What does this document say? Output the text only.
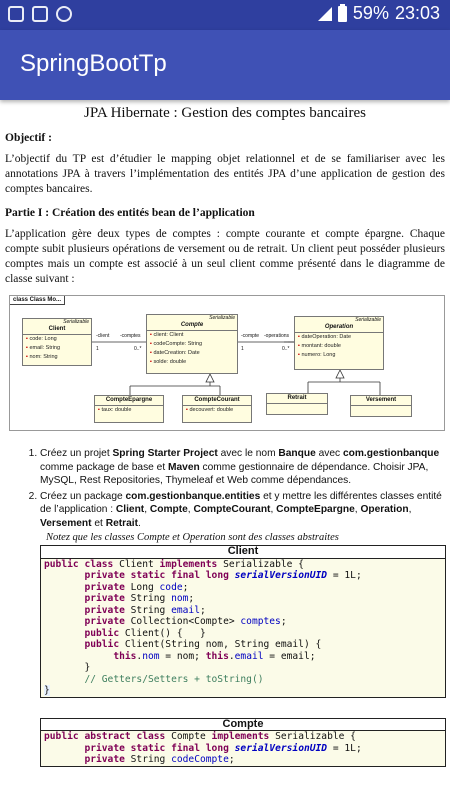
59% 23:03
SpringBootTp
JPA Hibernate : Gestion des comptes bancaires
Objectif :
L’objectif du TP est d’étudier le mapping objet relationnel et de se familiariser avec les annotations JPA à travers l’implémentation des entités JPA d’une application de gestion des comptes bancaires.
Partie I : Création des entités bean de l’application
L’application gère deux types de comptes : compte courante et compte épargne. Chaque compte subit plusieurs opérations de versement ou de retrait. Un client peut posséder plusieurs comptes mais un compte est associé à un seul client comme présenté dans le diagramme de classe suivant :
class Class Mo...
Serializable
Client
▪ code: Long
▪ email: String
▪ nom: String
Serializable
Compte
▪ client: Client
▪ codeCompte: String
▪ dateCreation: Date
▪ solde: double
Serializable
Operation
▪ dateOperation: Date
▪ montant: double
▪ numero: Long
CompteEpargne
▪ taux: double
CompteCourant
▪ decouvert: double
Retrait	Versement
-client -comptes
1	0..*
-compte -operations
1	0..*
1. Créez un projet Spring Starter Project avec le nom Banque avec com.gestionbanque comme package de base et Maven comme gestionnaire de dépendance. Choisir JPA, MySQL, Rest Repositories, Thymeleaf et Web comme dépendances.
2. Créez un package com.gestionbanque.entities et y mettre les différentes classes entité de l’application : Client, Compte, CompteCourant, CompteEpargne, Operation, Versement et Retrait.
Notez que les classes Compte et Operation sont des classes abstraites
Client
public class Client implements Serializable {
private static final long serialVersionUID = 1L;
private Long code;
private String nom;
private String email;
private Collection<Compte> comptes;
public Client() {   }
public Client(String nom, String email) {
this.nom = nom; this.email = email;
}
// Getters/Setters + toString()
}
Compte
public abstract class Compte implements Serializable {
private static final long serialVersionUID = 1L;
private String codeCompte;
